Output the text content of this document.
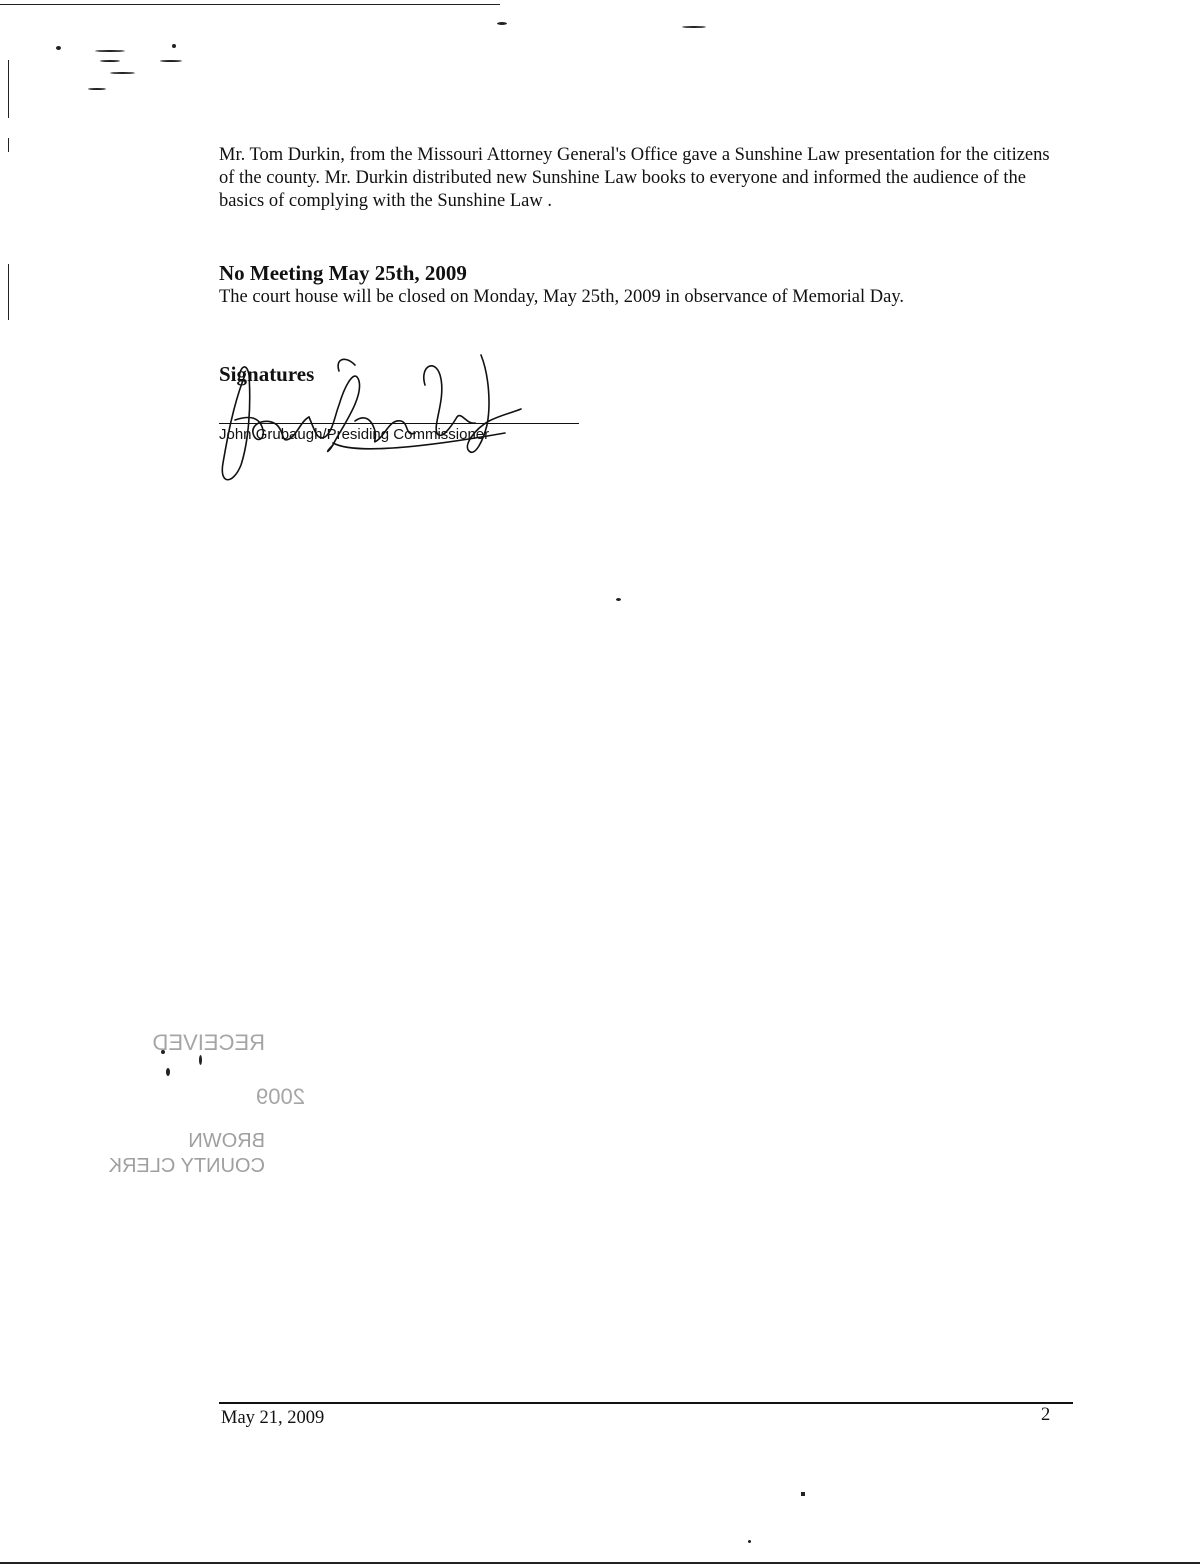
Mr. Tom Durkin, from the Missouri Attorney General's Office gave a Sunshine Law presentation for the citizens of the county. Mr. Durkin distributed new Sunshine Law books to everyone and informed the audience of the basics of complying with the Sunshine Law .

No Meeting May 25th, 2009

The court house will be closed on Monday, May 25th, 2009 in observance of Memorial Day.

Signatures

John Grubaugh/Presiding Commissioner
RECEIVED
2009
BROWN
COUNTY CLERK
May 21, 2009	2
